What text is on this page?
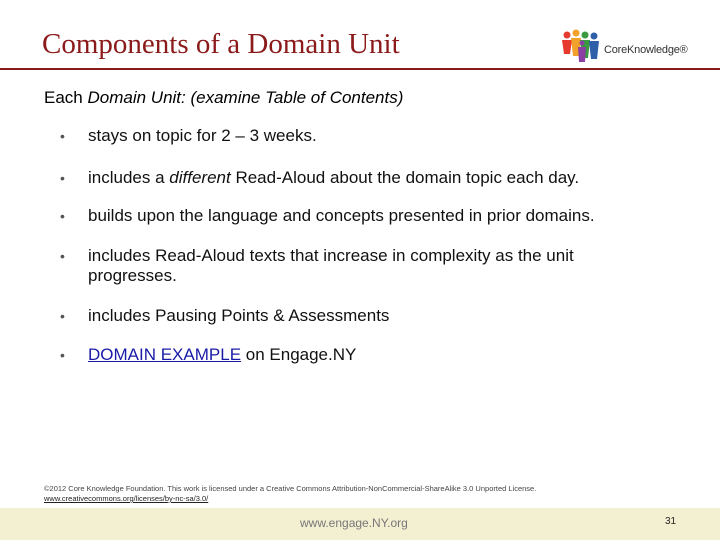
Components of a Domain Unit	CoreKnowledge®
Each Domain Unit: (examine Table of Contents)
• stays on topic for 2 – 3 weeks.
• includes a different Read-Aloud about the domain topic each day.
• builds upon the language and concepts presented in prior domains.
• includes Read-Aloud texts that increase in complexity as the unit progresses.
• includes Pausing Points & Assessments
• DOMAIN EXAMPLE on Engage.NY
©2012 Core Knowledge Foundation. This work is licensed under a Creative Commons Attribution-NonCommercial-ShareAlike 3.0 Unported License.
www.creativecommons.org/licenses/by-nc-sa/3.0/
www.engage.NY.org	31
